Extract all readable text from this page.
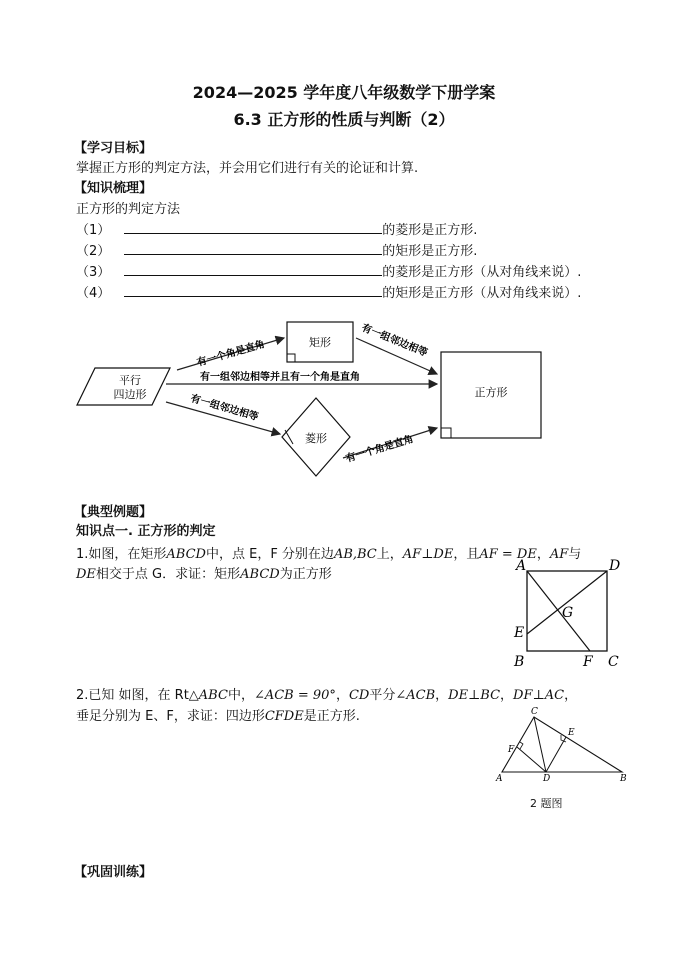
2024—2025 学年度八年级数学下册学案
6.3 正方形的性质与判断（2）
【学习目标】
掌握正方形的判定方法，并会用它们进行有关的论证和计算.
【知识梳理】
正方形的判定方法
（1）	的菱形是正方形.
（2）	的矩形是正方形.
（3）	的菱形是正方形（从对角线来说）.
（4）	的矩形是正方形（从对角线来说）.
平行
四边形
矩形
菱形
正方形
有一个角是直角	有一组邻边相等
有一组邻边相等并且有一个角是直角
有一组邻边相等
有一个角是直角
【典型例题】
知识点一. 正方形的判定
1.如图，在矩形ABCD中，点 E，F 分别在边AB,BC上，AF⊥DE，且AF = DE，AF与
DE相交于点 G．求证：矩形ABCD为正方形
A	D
G
E
B	F C
2.已知 如图，在 Rt△ABC中，∠ACB = 90°，CD平分∠ACB，DE⊥BC，DF⊥AC，
垂足分别为 E、F，求证：四边形CFDE是正方形.	C
E
F
A	D	B
2 题图
【巩固训练】
